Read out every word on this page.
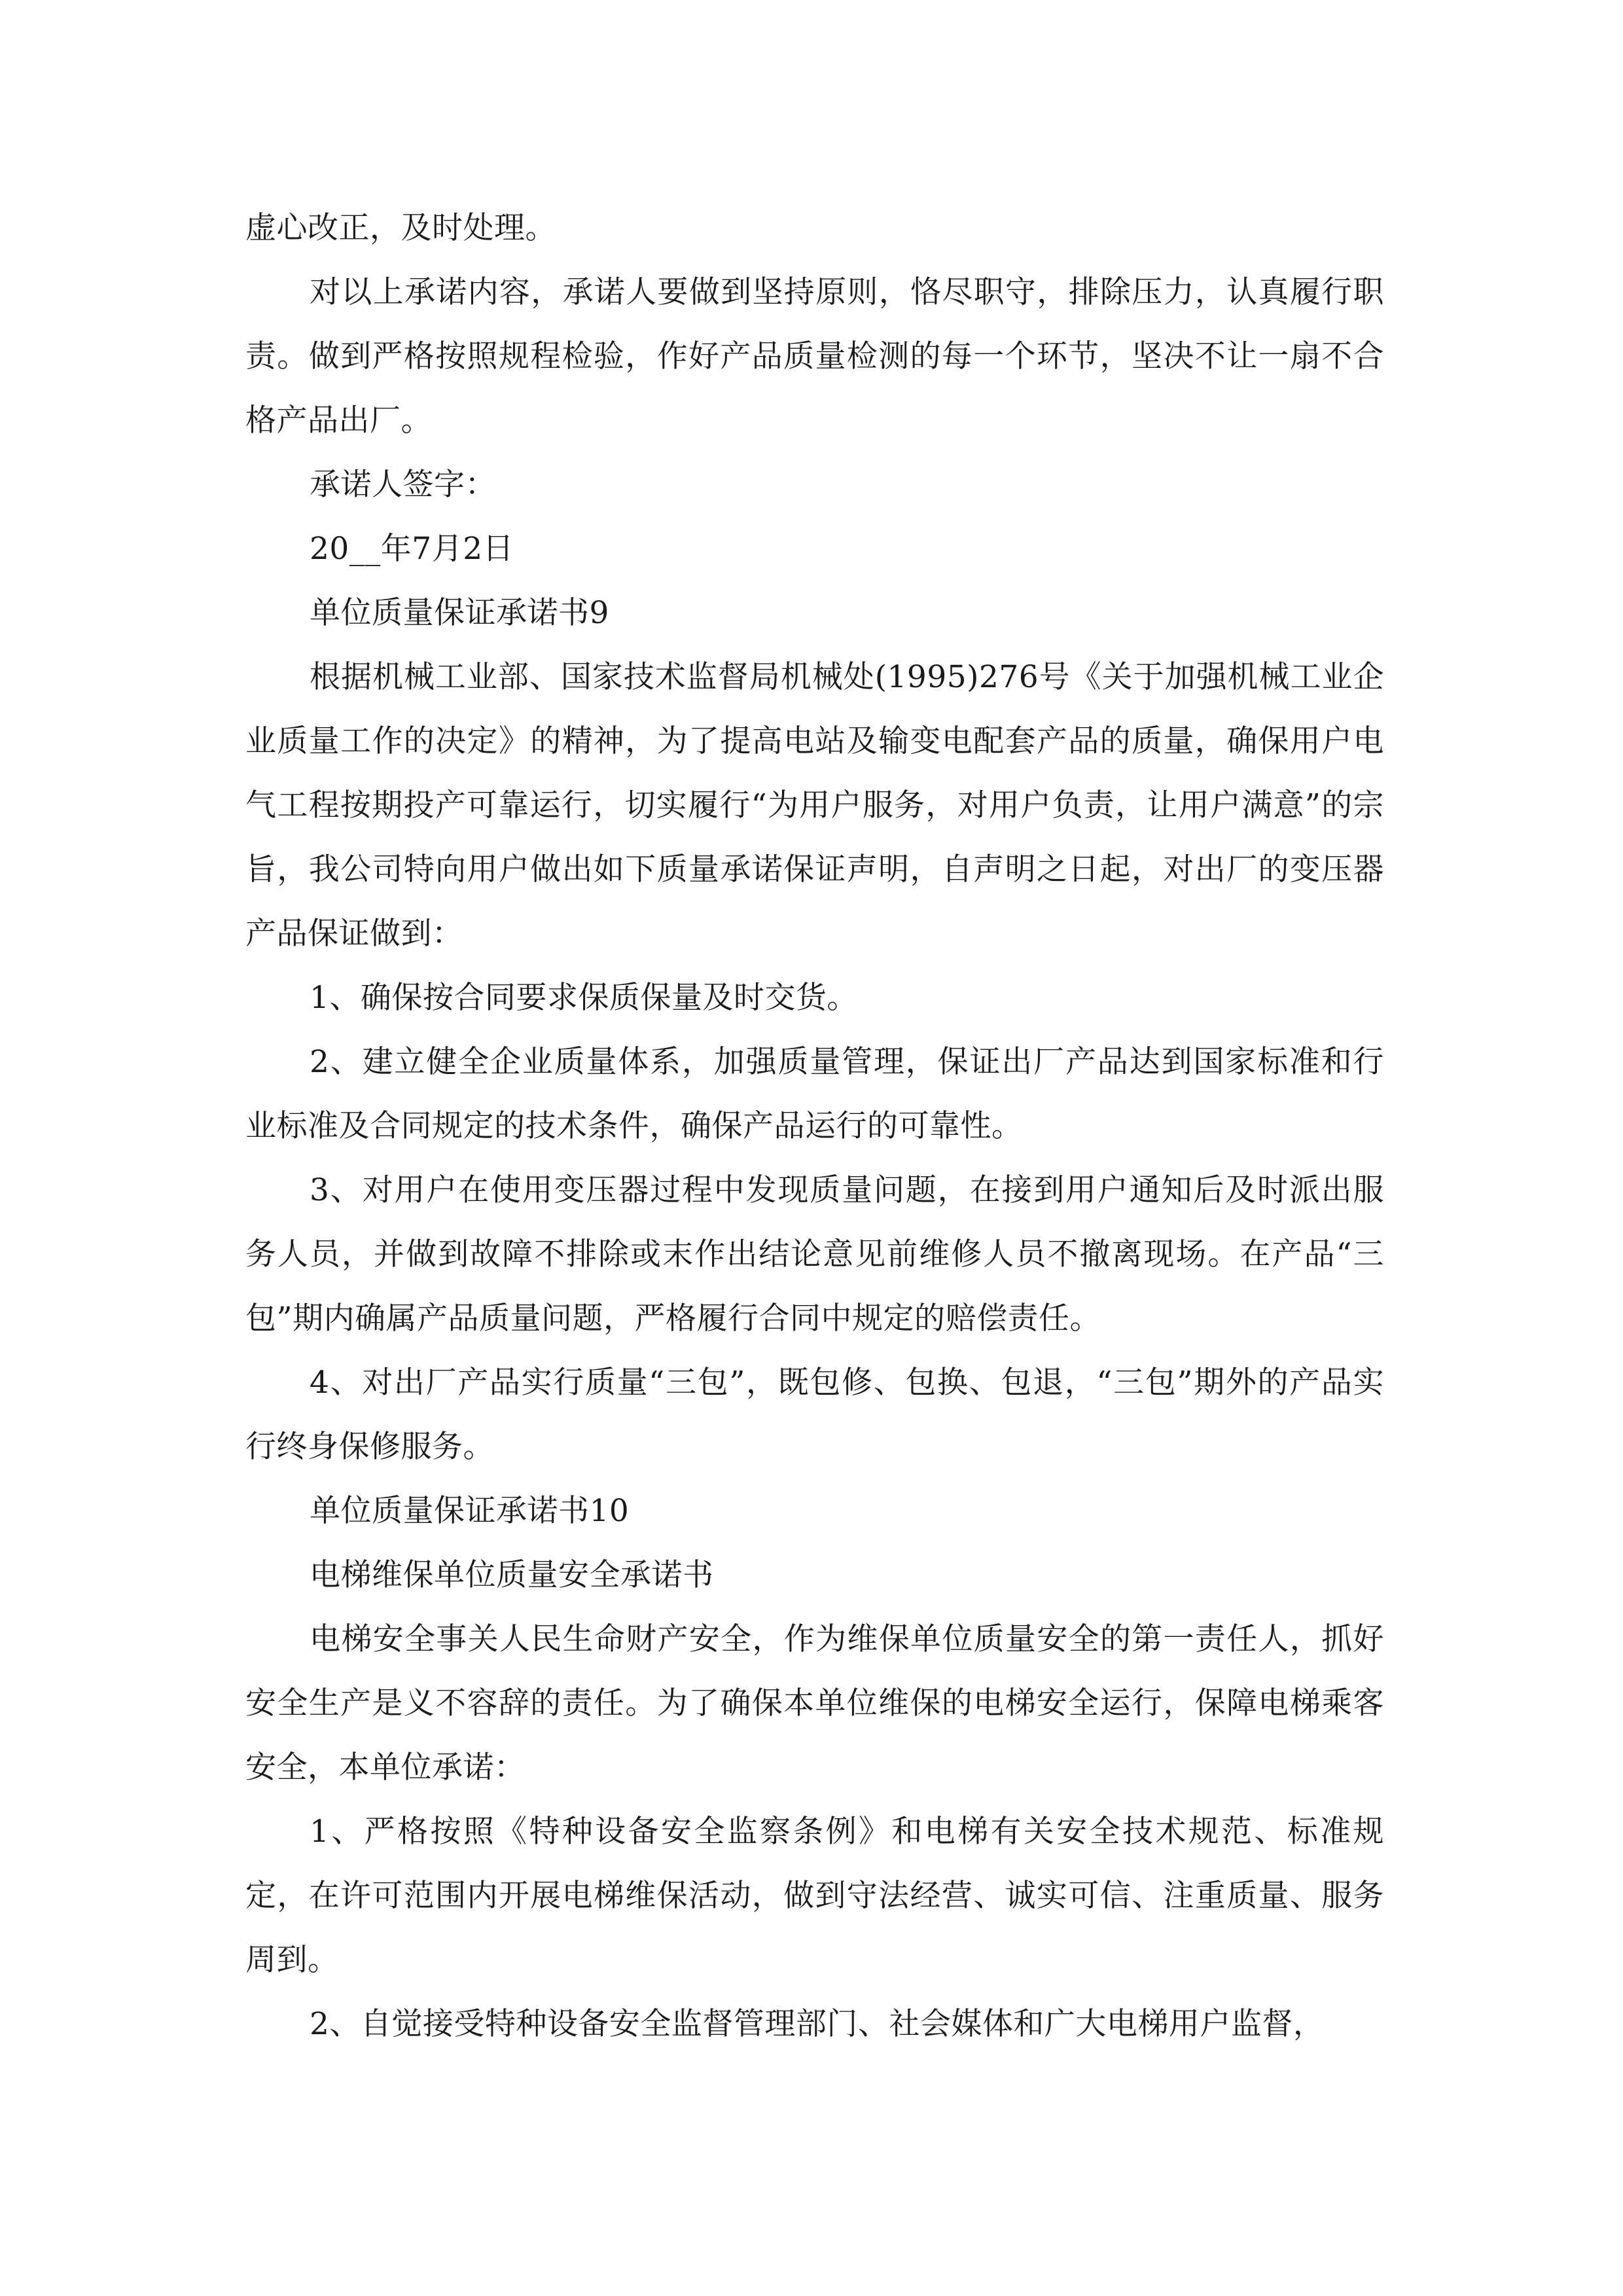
虚心改正，及时处理。

对以上承诺内容，承诺人要做到坚持原则，恪尽职守，排除压力，认真履行职责。做到严格按照规程检验，作好产品质量检测的每一个环节，坚决不让一扇不合格产品出厂。

承诺人签字：

20__年7月2日

单位质量保证承诺书9

根据机械工业部、国家技术监督局机械处(1995)276号《关于加强机械工业企业质量工作的决定》的精神，为了提高电站及输变电配套产品的质量，确保用户电气工程按期投产可靠运行，切实履行“为用户服务，对用户负责，让用户满意”的宗旨，我公司特向用户做出如下质量承诺保证声明，自声明之日起，对出厂的变压器产品保证做到：

1、确保按合同要求保质保量及时交货。

2、建立健全企业质量体系，加强质量管理，保证出厂产品达到国家标准和行业标准及合同规定的技术条件，确保产品运行的可靠性。

3、对用户在使用变压器过程中发现质量问题，在接到用户通知后及时派出服务人员，并做到故障不排除或末作出结论意见前维修人员不撤离现场。在产品“三包”期内确属产品质量问题，严格履行合同中规定的赔偿责任。

4、对出厂产品实行质量“三包”，既包修、包换、包退，“三包”期外的产品实行终身保修服务。

单位质量保证承诺书10

电梯维保单位质量安全承诺书

电梯安全事关人民生命财产安全，作为维保单位质量安全的第一责任人，抓好安全生产是义不容辞的责任。为了确保本单位维保的电梯安全运行，保障电梯乘客安全，本单位承诺：

1、严格按照《特种设备安全监察条例》和电梯有关安全技术规范、标准规定，在许可范围内开展电梯维保活动，做到守法经营、诚实可信、注重质量、服务周到。

2、自觉接受特种设备安全监督管理部门、社会媒体和广大电梯用户监督，
